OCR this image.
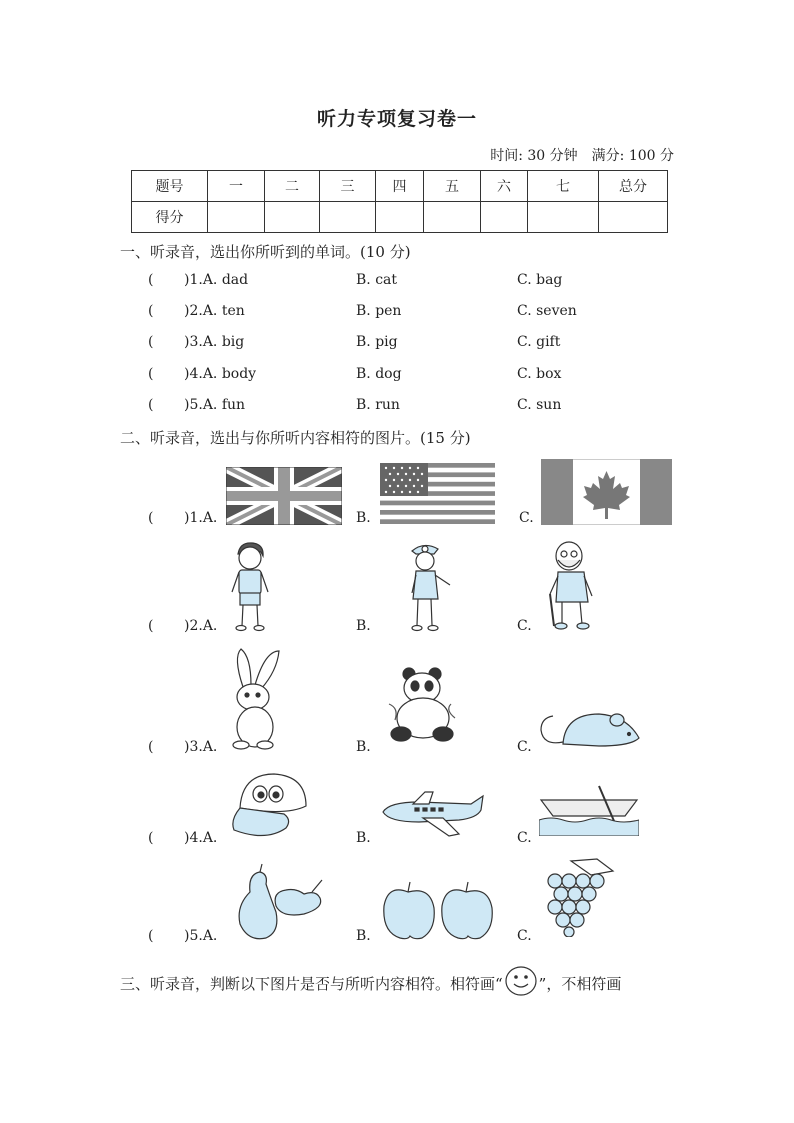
听力专项复习卷一
时间: 30 分钟　满分: 100 分
题号	一	二	三	四	五	六	七	总分
得分								
一、听录音，选出你所听到的单词。(10 分)
( )1.A. dad	B. cat	C. bag
( )2.A. ten	B. pen	C. seven
( )3.A. big	B. pig	C. gift
( )4.A. body	B. dog	C. box
( )5.A. fun	B. run	C. sun
二、听录音，选出与你所听内容相符的图片。(15 分)
( )1.A.	B.	C.
( )2.A.	B.	C.
( )3.A.	B.	C.
( )4.A.	B.	C.
( )5.A.	B.	C.
三、听录音，判断以下图片是否与所听内容相符。相符画“ ”，不相符画
